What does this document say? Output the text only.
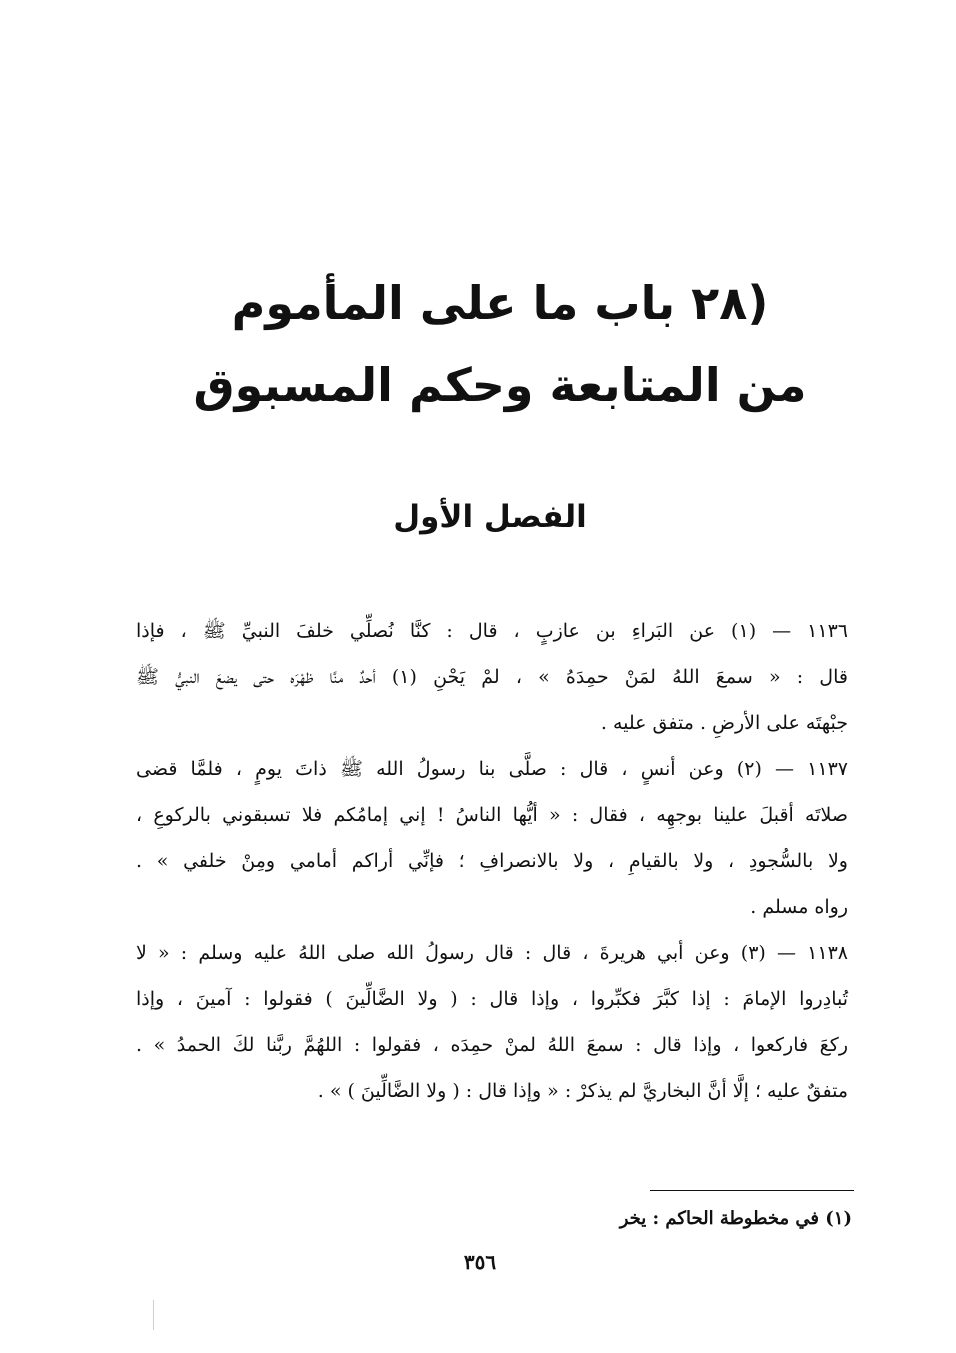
(٢٨ باب ما على المأموم
من المتابعة وحكم المسبوق
الفصل الأول
١١٣٦ — (١) عن البَراءِ بن عازبٍ ، قال : كنَّا نُصلِّي خلفَ النبيِّ ﷺ ، فإذا
قال : « سمعَ اللهُ لمَنْ حمِدَهُ » ، لمْ يَحْنِ (١) أحدٌ منَّا ظهْرَه حتى يضعَ النبيُّ ﷺ
جبْهتَه على الأرضِ . متفق عليه .
١١٣٧ — (٢) وعن أنسٍ ، قال : صلَّى بنا رسولُ الله ﷺ ذاتَ يومٍ ، فلمَّا قضى
صلاتَه أقبلَ علينا بوجهِه ، فقال : « أيُّها الناسُ ! إني إمامُكم فلا تسبقوني بالركوعِ ،
ولا بالسُّجودِ ، ولا بالقيامِ ، ولا بالانصرافِ ؛ فإنِّي أراكم أمامي ومِنْ خلفي » .
رواه مسلم .
١١٣٨ — (٣) وعن أبي هريرةَ ، قال : قال رسولُ الله صلى اللهُ عليه وسلم : « لا
تُبادِروا الإمامَ : إذا كبَّرَ فكبِّروا ، وإذا قال : ( ولا الضَّالِّينَ ) فقولوا : آمينَ ، وإذا
ركعَ فاركعوا ، وإذا قال : سمعَ اللهُ لمنْ حمِدَه ، فقولوا : اللهُمَّ ربَّنا لكَ الحمدُ » .
متفقٌ عليه ؛ إلَّا أنَّ البخاريَّ لم يذكرْ : « وإذا قال : ( ولا الضَّالِّينَ ) » .
(١) في مخطوطة الحاكم : يخر
٣٥٦
